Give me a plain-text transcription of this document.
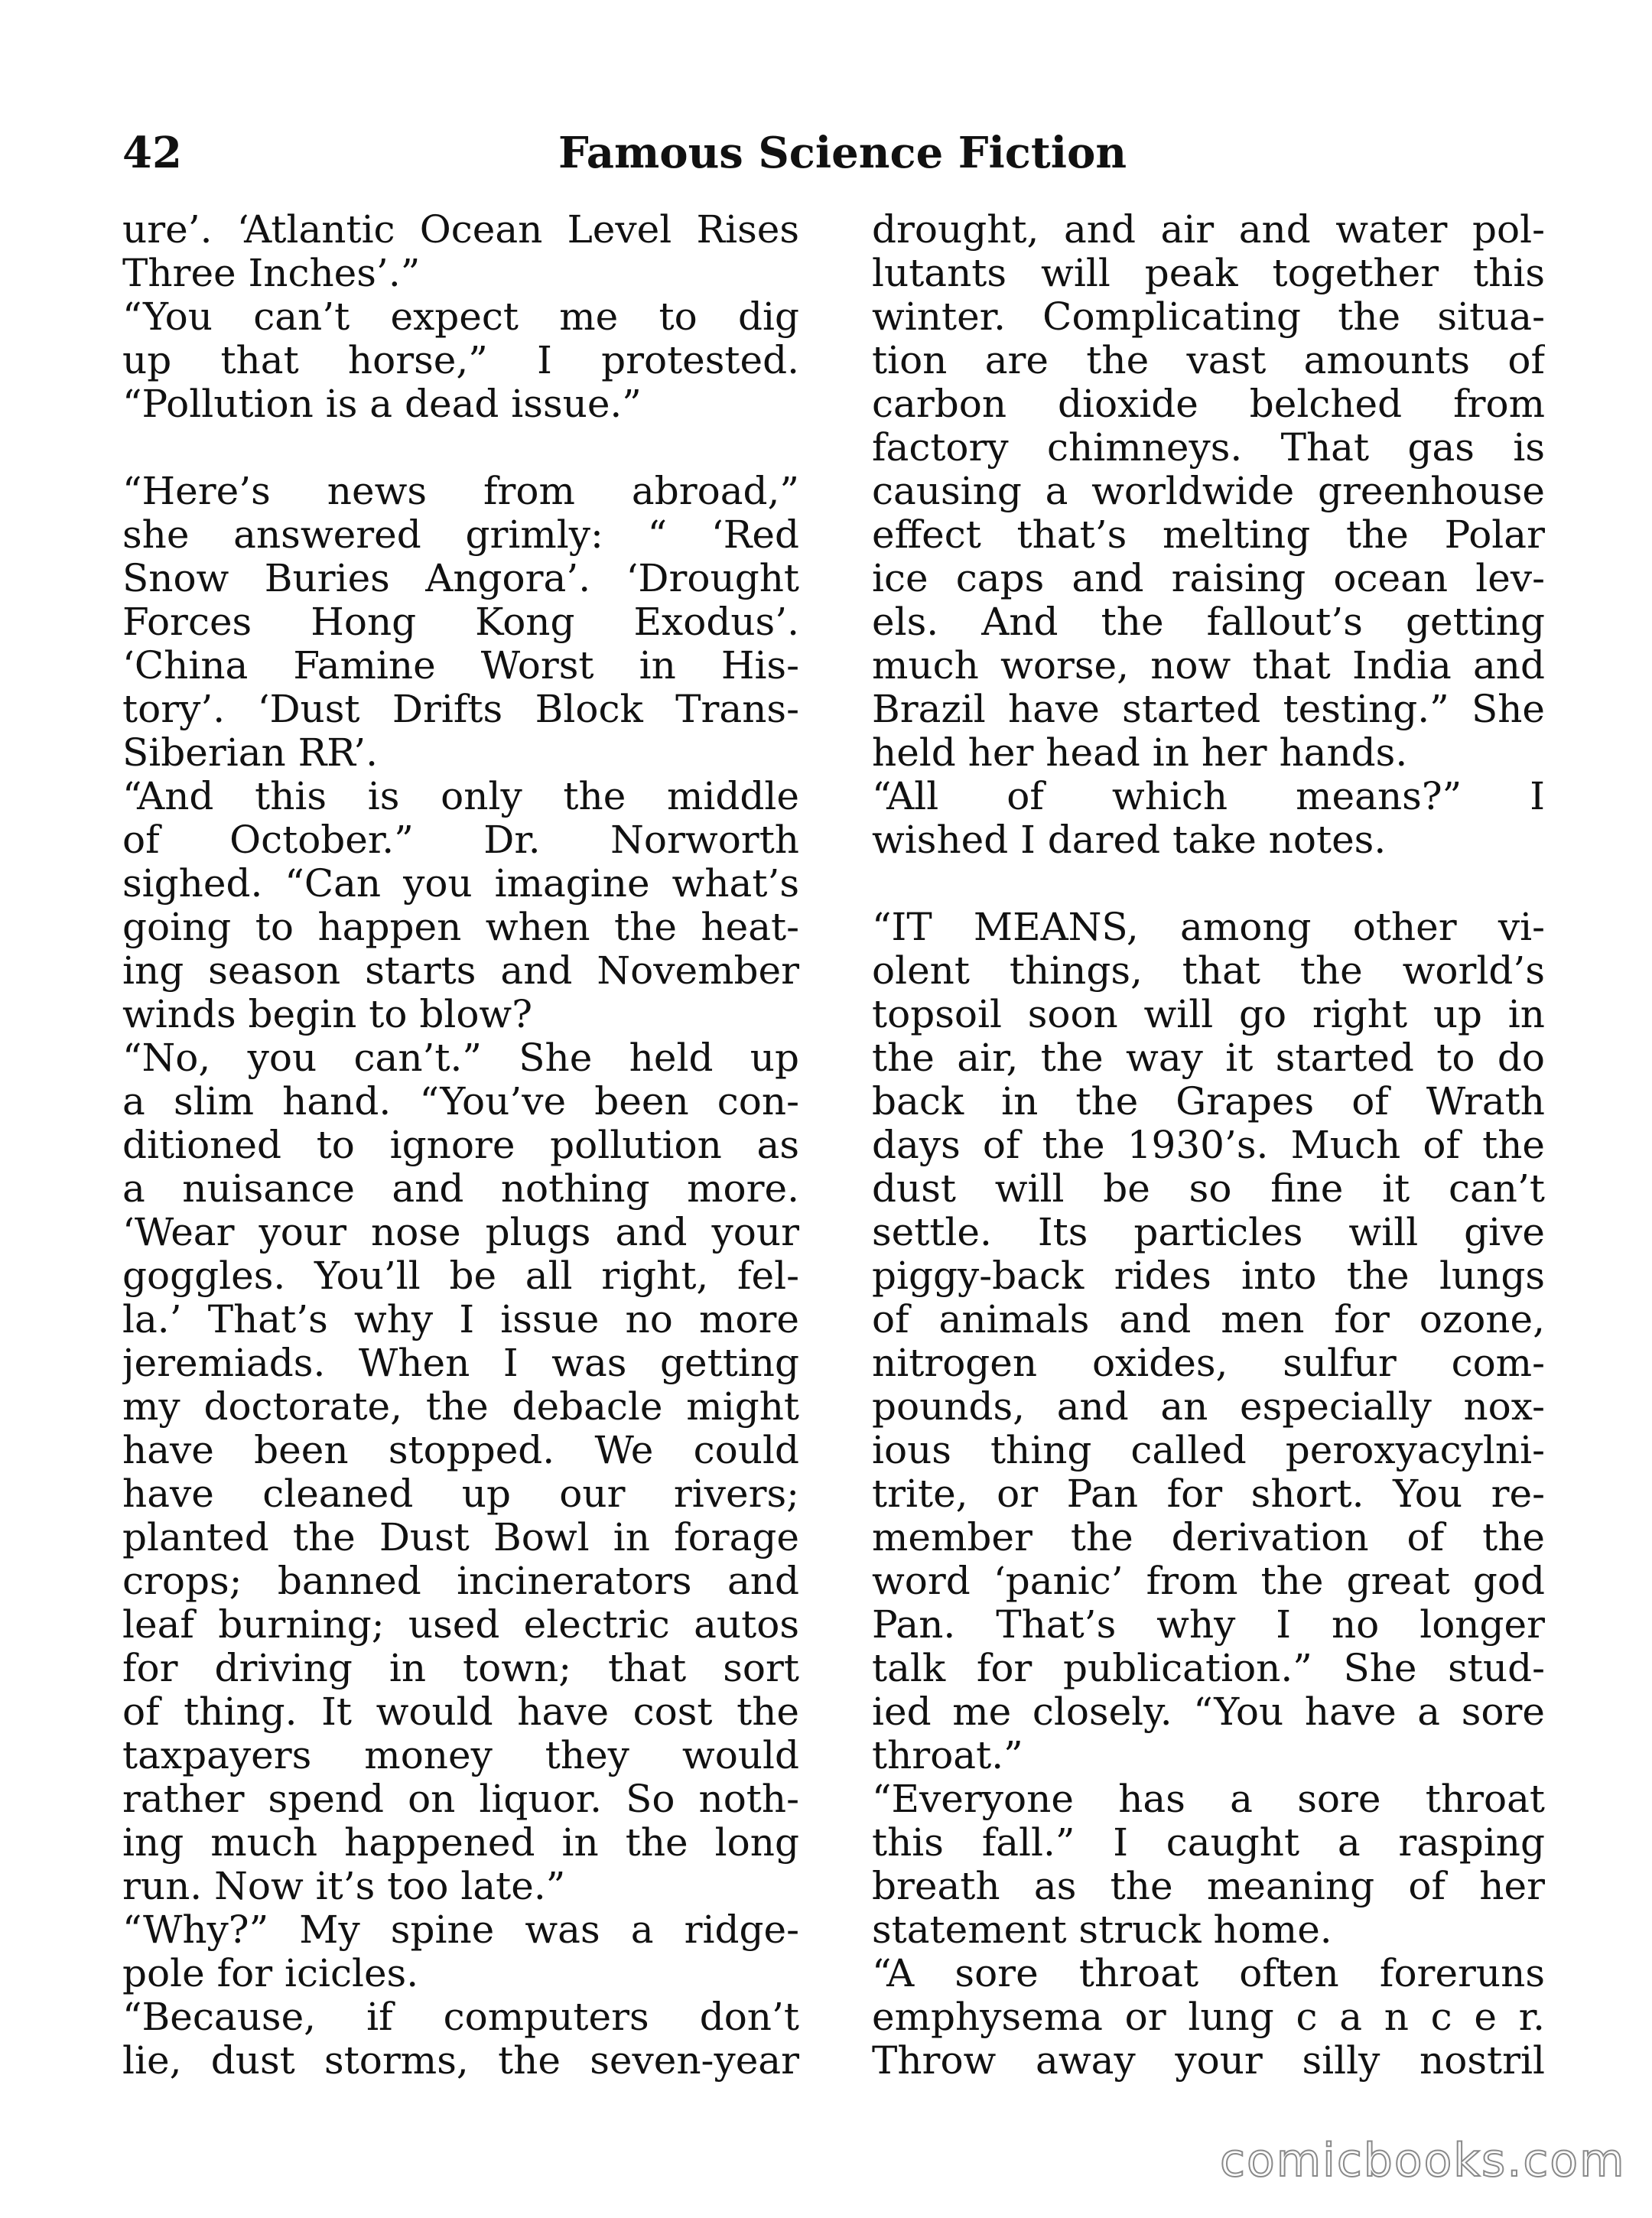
42	Famous Science Fiction
ure’. ‘Atlantic Ocean Level Rises
Three Inches’.”
“You can’t expect me to dig
up that horse,” I protested.
“Pollution is a dead issue.”
“Here’s news from abroad,”
she answered grimly: “ ‘Red
Snow Buries Angora’. ‘Drought
Forces Hong Kong Exodus’.
‘China Famine Worst in His-
tory’. ‘Dust Drifts Block Trans-
Siberian RR’.
“And this is only the middle
of October.” Dr. Norworth
sighed. “Can you imagine what’s
going to happen when the heat-
ing season starts and November
winds begin to blow?
“No, you can’t.” She held up
a slim hand. “You’ve been con-
ditioned to ignore pollution as
a nuisance and nothing more.
‘Wear your nose plugs and your
goggles. You’ll be all right, fel-
la.’ That’s why I issue no more
jeremiads. When I was getting
my doctorate, the debacle might
have been stopped. We could
have cleaned up our rivers;
planted the Dust Bowl in forage
crops; banned incinerators and
leaf burning; used electric autos
for driving in town; that sort
of thing. It would have cost the
taxpayers money they would
rather spend on liquor. So noth-
ing much happened in the long
run. Now it’s too late.”
“Why?” My spine was a ridge-
pole for icicles.
“Because, if computers don’t
lie, dust storms, the seven-year
drought, and air and water pol-
lutants will peak together this
winter. Complicating the situa-
tion are the vast amounts of
carbon dioxide belched from
factory chimneys. That gas is
causing a worldwide greenhouse
effect that’s melting the Polar
ice caps and raising ocean lev-
els. And the fallout’s getting
much worse, now that India and
Brazil have started testing.” She
held her head in her hands.
“All of which means?” I
wished I dared take notes.
“IT MEANS, among other vi-
olent things, that the world’s
topsoil soon will go right up in
the air, the way it started to do
back in the Grapes of Wrath
days of the 1930’s. Much of the
dust will be so fine it can’t
settle. Its particles will give
piggy-back rides into the lungs
of animals and men for ozone,
nitrogen oxides, sulfur com-
pounds, and an especially nox-
ious thing called peroxyacylni-
trite, or Pan for short. You re-
member the derivation of the
word ‘panic’ from the great god
Pan. That’s why I no longer
talk for publication.” She stud-
ied me closely. “You have a sore
throat.”
“Everyone has a sore throat
this fall.” I caught a rasping
breath as the meaning of her
statement struck home.
“A sore throat often foreruns
emphysema or lung c a n c e r.
Throw away your silly nostril
comicbooks.com
